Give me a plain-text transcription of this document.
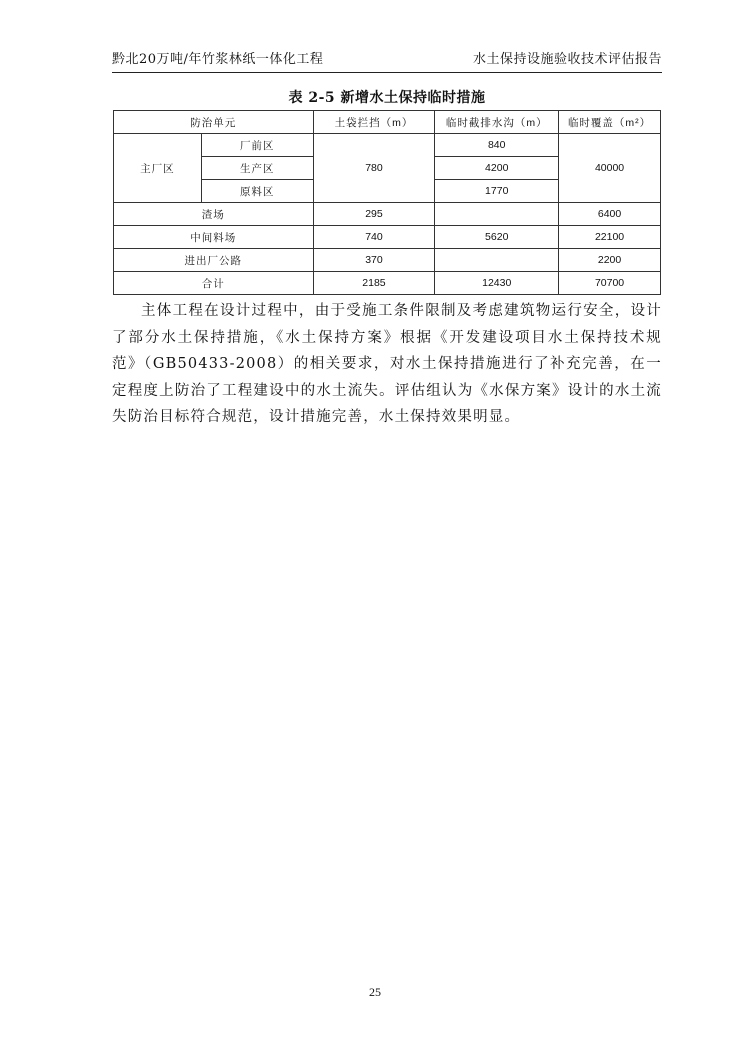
黔北20万吨/年竹浆林纸一体化工程	水土保持设施验收技术评估报告
表 2-5 新增水土保持临时措施
防治单元		土袋拦挡（m）	临时截排水沟（m）	临时覆盖（m²）
主厂区	厂前区	780	840	40000
	生产区		4200	
	原料区		1770	
渣场		295		6400
中间料场		740	5620	22100
进出厂公路		370		2200
合计		2185	12430	70700

主体工程在设计过程中，由于受施工条件限制及考虑建筑物运行安全，设计了部分水土保持措施，《水土保持方案》根据《开发建设项目水土保持技术规范》（GB50433-2008）的相关要求，对水土保持措施进行了补充完善，在一定程度上防治了工程建设中的水土流失。评估组认为《水保方案》设计的水土流失防治目标符合规范，设计措施完善，水土保持效果明显。

25
